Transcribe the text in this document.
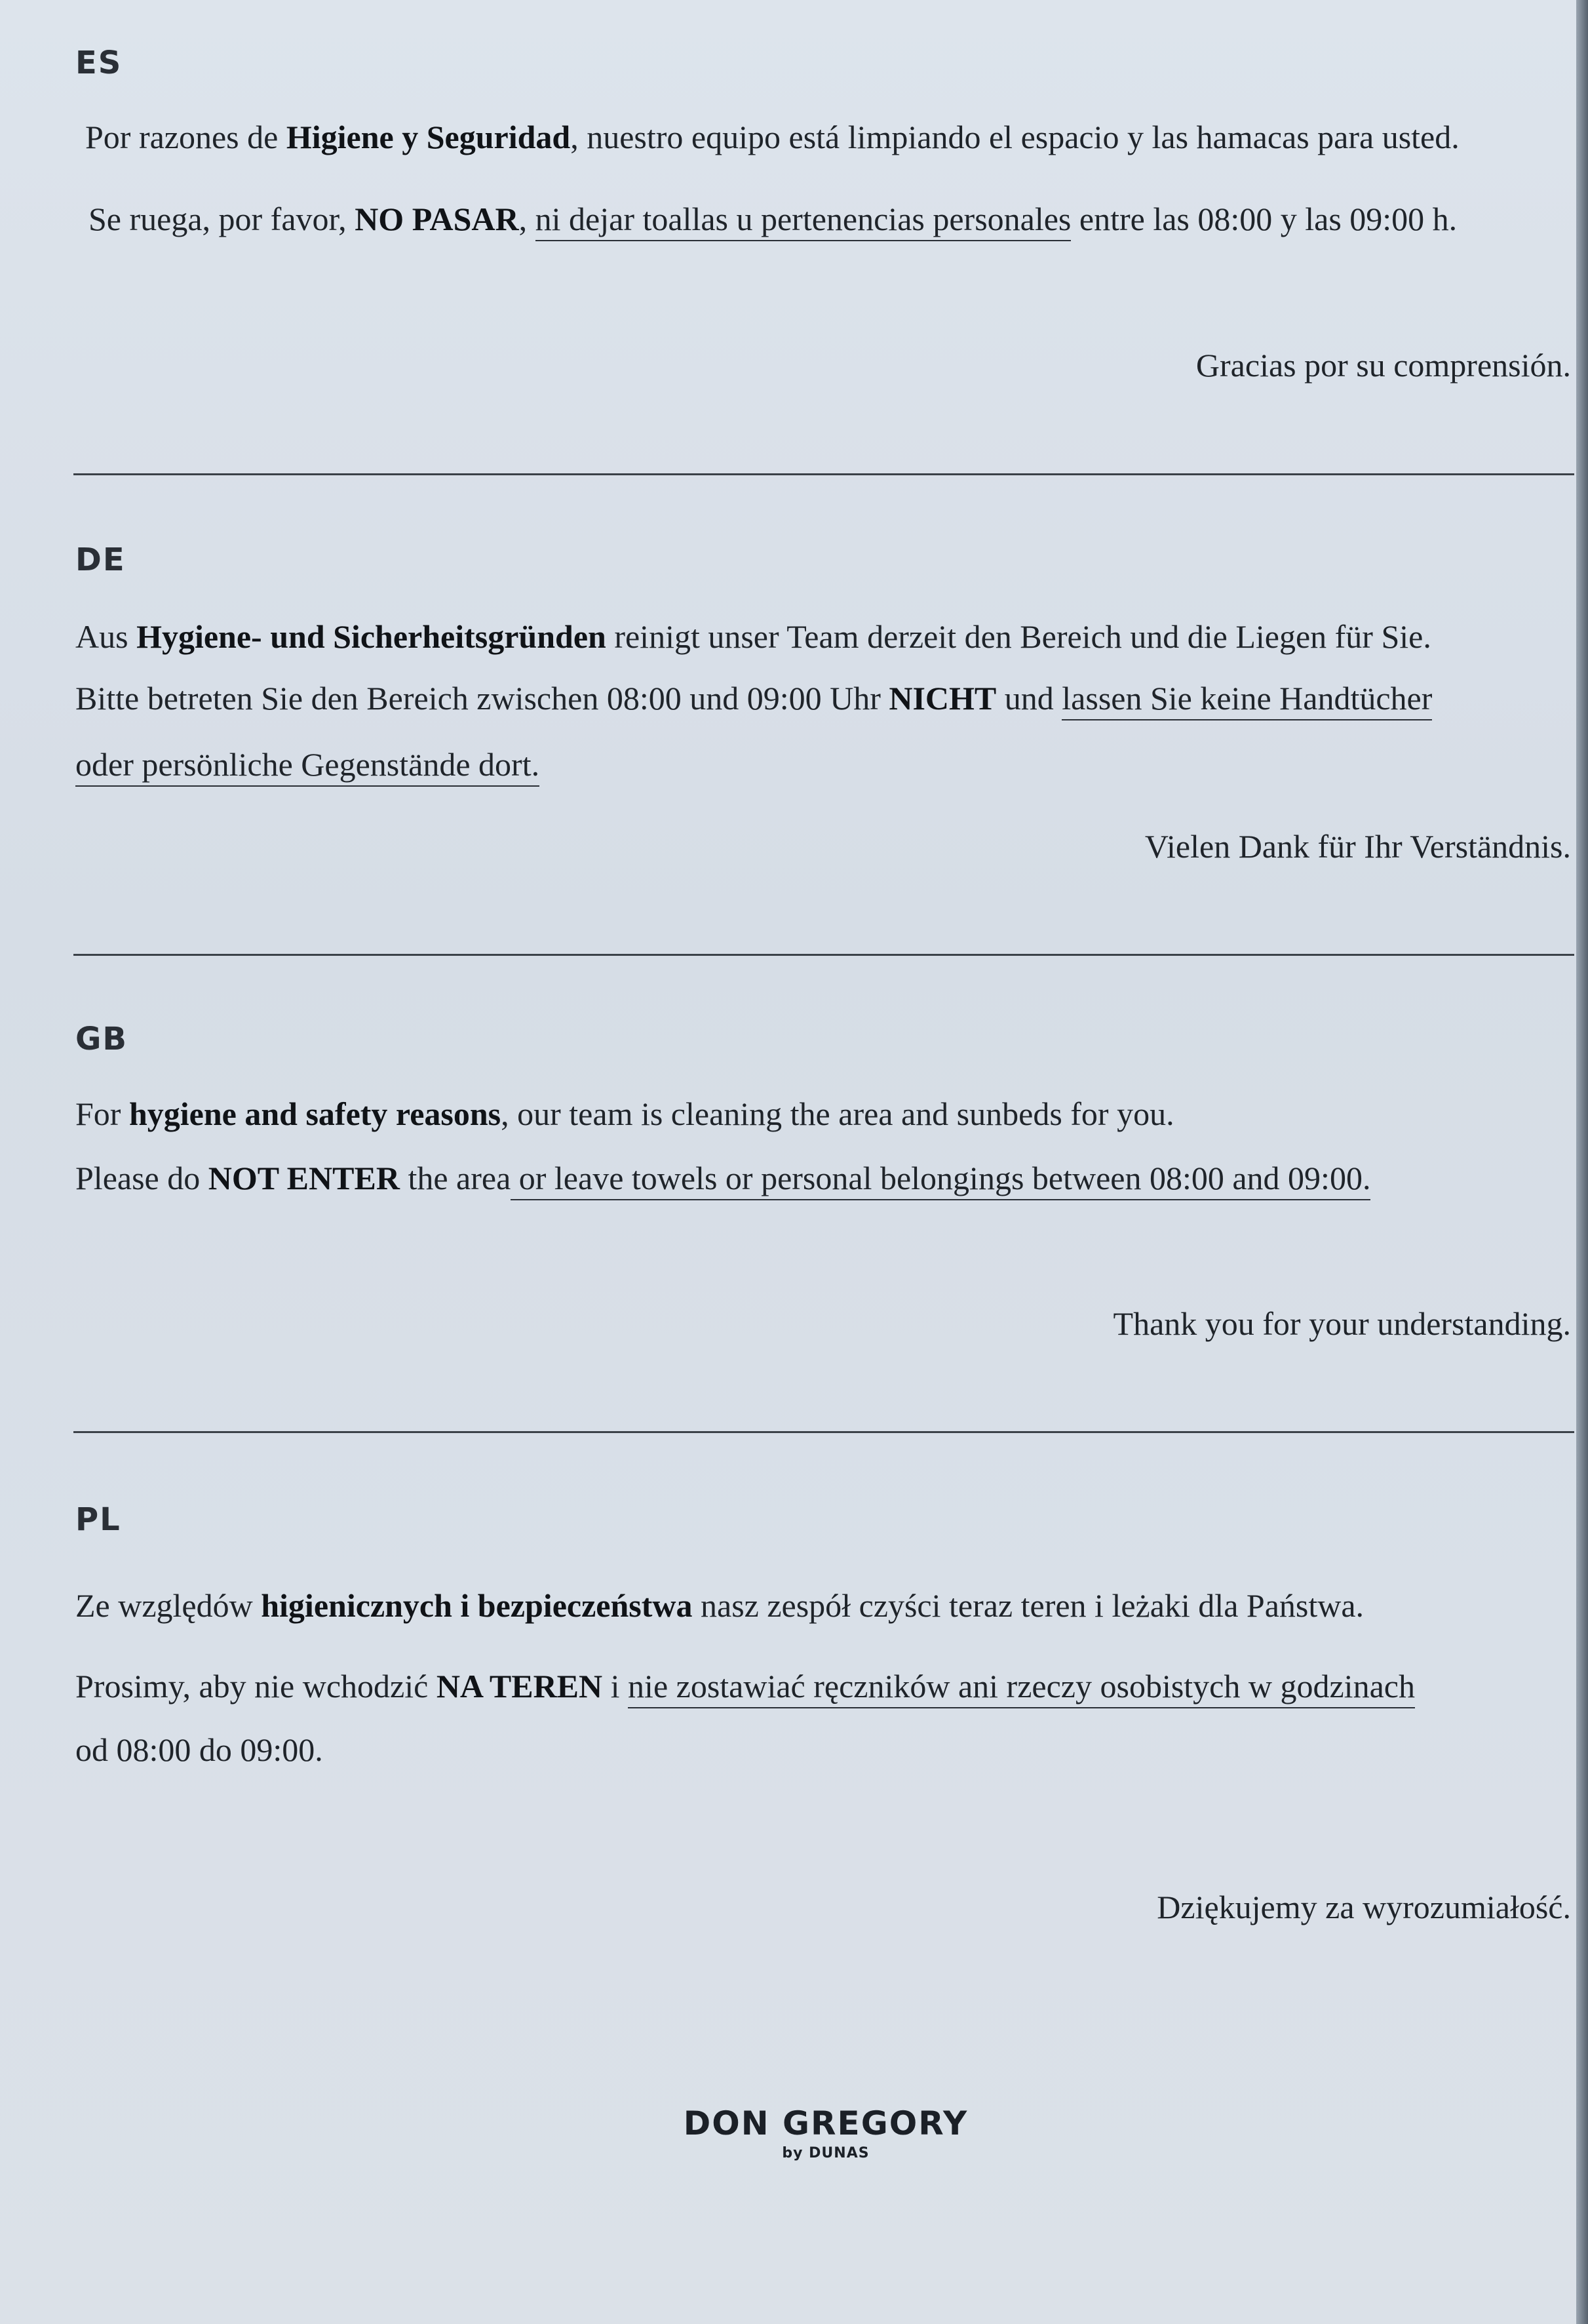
ES
Por razones de Higiene y Seguridad, nuestro equipo está limpiando el espacio y las hamacas para usted.
Se ruega, por favor, NO PASAR, ni dejar toallas u pertenencias personales entre las 08:00 y las 09:00 h.
Gracias por su comprensión.
DE
Aus Hygiene- und Sicherheitsgründen reinigt unser Team derzeit den Bereich und die Liegen für Sie.
Bitte betreten Sie den Bereich zwischen 08:00 und 09:00 Uhr NICHT und lassen Sie keine Handtücher
oder persönliche Gegenstände dort.
Vielen Dank für Ihr Verständnis.
GB
For hygiene and safety reasons, our team is cleaning the area and sunbeds for you.
Please do NOT ENTER the area or leave towels or personal belongings between 08:00 and 09:00.
Thank you for your understanding.
PL
Ze względów higienicznych i bezpieczeństwa nasz zespół czyści teraz teren i leżaki dla Państwa.
Prosimy, aby nie wchodzić NA TEREN i nie zostawiać ręczników ani rzeczy osobistych w godzinach
od 08:00 do 09:00.
Dziękujemy za wyrozumiałość.
DON GREGORY
by DUNAS
